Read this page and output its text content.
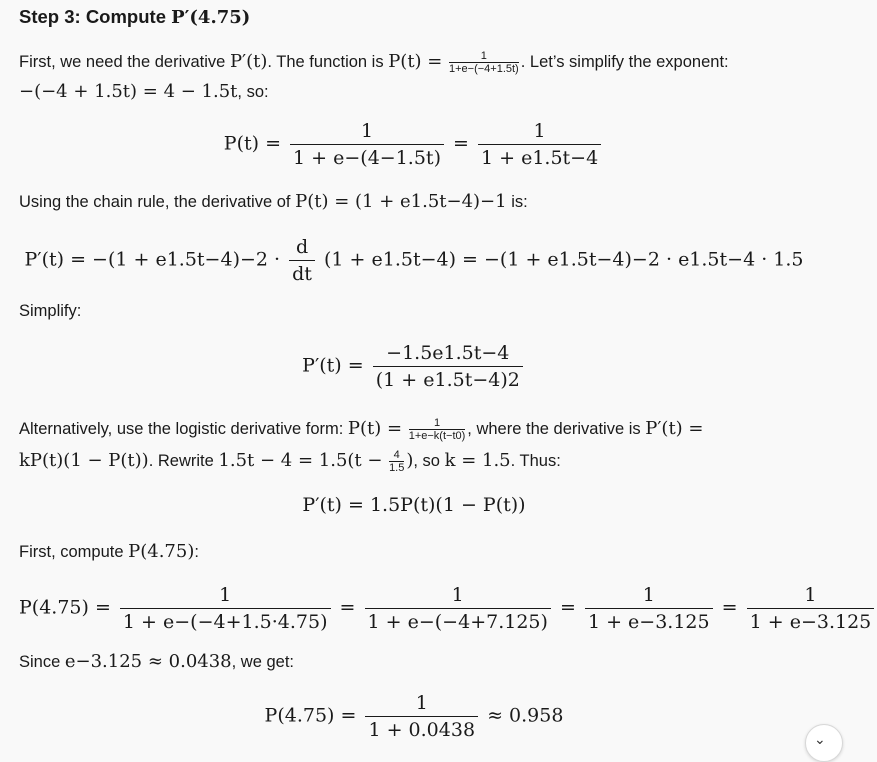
Step 3: Compute P′(4.75)
First, we need the derivative P′(t). The function is $P(t) = \frac{1}{1+e-(-4+1.5t)}$ . Let’s simplify the exponent:
−(−4 + 1.5t) = 4 − 1.5t, so:
$P(t) = \frac{1}{1 + e-(4-1.5t)} = \frac{1}{1 + e1.5t-4}$
Using the chain rule, the derivative of P(t) = (1 + e1.5t−4)−1 is:
$P'(t) = -(1 + e1.5t-4)-2 \cdot \frac{d}{dt} (1 + e1.5t-4) = -(1 + e1.5t-4)-2 \cdot e1.5t-4 \cdot 1.5$
Simplify:
$P'(t) = \frac{-1.5e1.5t-4}{(1 + e1.5t-4)2}$
Alternatively, use the logistic derivative form: $P(t) = \frac{1}{1+e-k(t-t0)}$ , where the derivative is P′(t) =
kP(t)(1 − P(t)). Rewrite $1.5t - 4 = 1.5(t - \frac{4}{1.5}$ ), so k = 1.5. Thus:
P′(t) = 1.5P(t)(1 − P(t))
First, compute P(4.75):
$P(4.75) = \frac{1}{1 + e-(-4+1.5\cdot 4.75)} = \frac{1}{1 + e-(-4+7.125)} = \frac{1}{1 + e-3.125} = \frac{1}{1 + e-3.125}$
Since e−3.125 ≈ 0.0438, we get:
$P(4.75) = \frac{1}{1 + 0.0438} \approx 0.958$
⌄
